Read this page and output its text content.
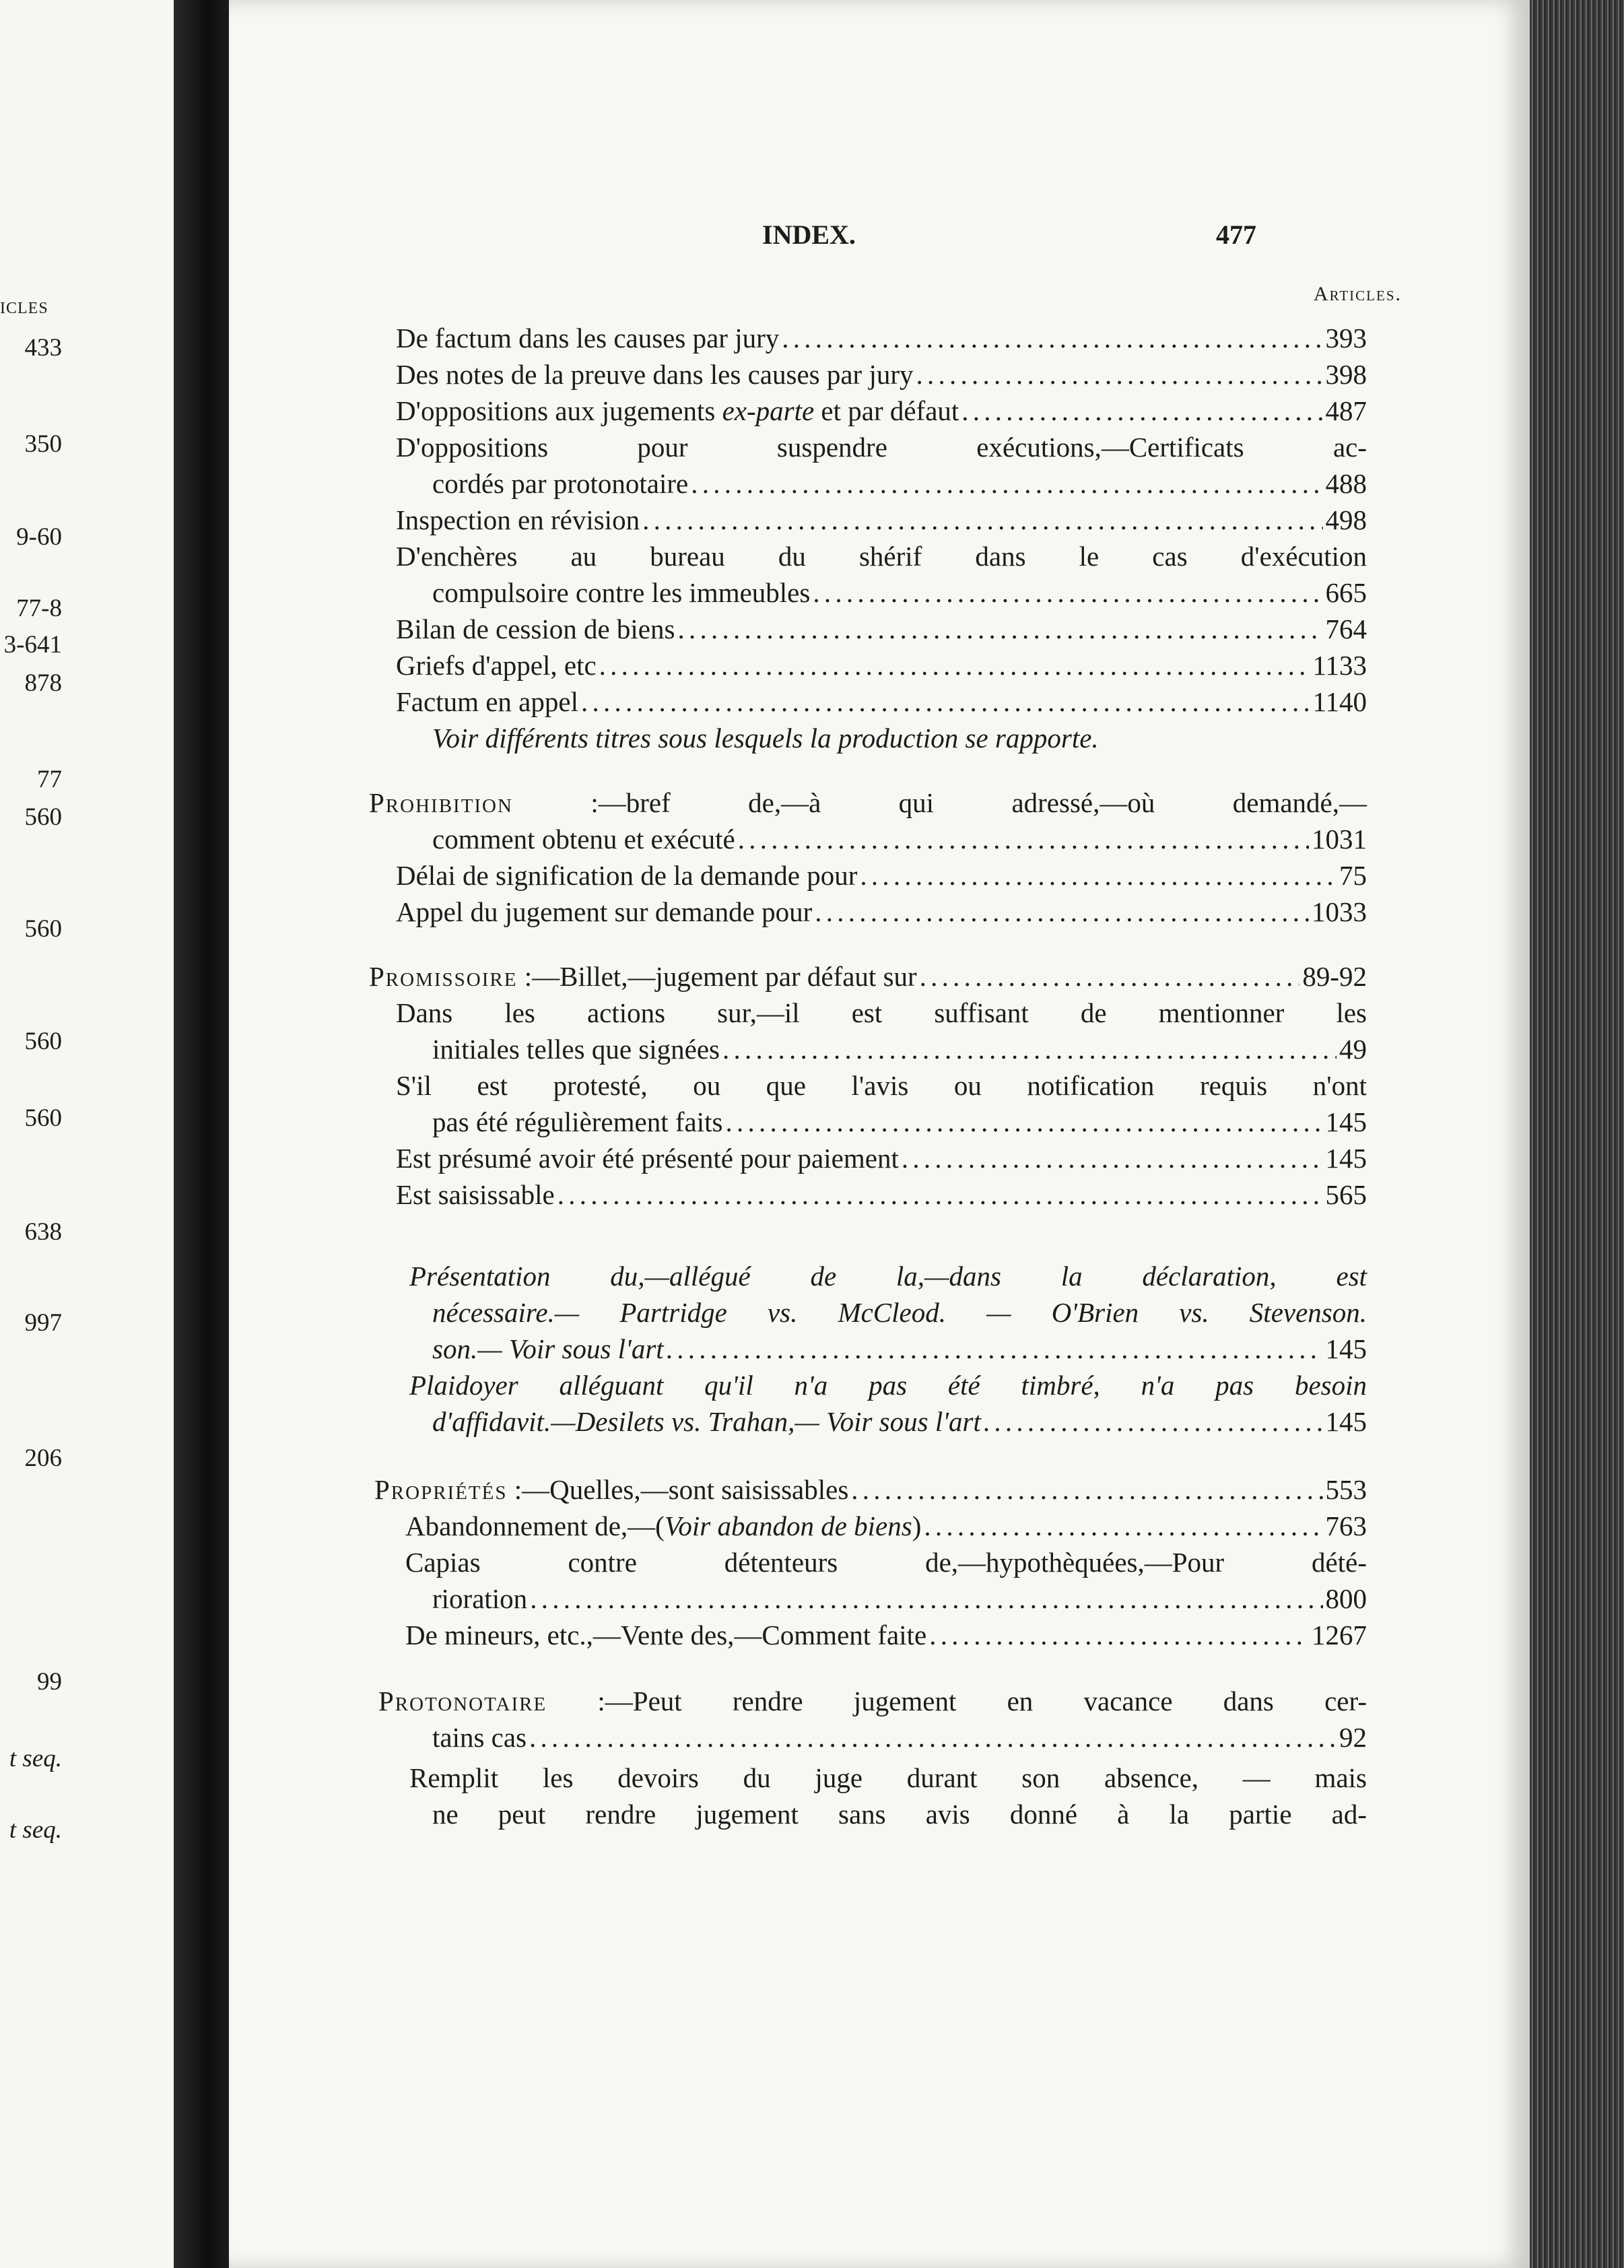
ICLES
433
350
9-60
77-8
3-641
878
77
560
560
560
560
638
997
206
99
t seq.
t seq.
INDEX.	477
Articles.
De factum dans les causes par jury . . .	393
Des notes de la preuve dans les causes par jury . . .	398
D'oppositions aux jugements ex-parte et par défaut . . .	487
D'oppositions pour suspendre exécutions,—Certificats ac-
cordés par protonotaire . . .	488
Inspection en révision . . .	498
D'enchères au bureau du shérif dans le cas d'exécution
compulsoire contre les immeubles . . .	665
Bilan de cession de biens . . .	764
Griefs d'appel, etc . . .	1133
Factum en appel . . .	1140
Voir différents titres sous lesquels la production se rapporte.
Prohibition :—bref de,—à qui adressé,—où demandé,—
comment obtenu et exécuté . . .	1031
Délai de signification de la demande pour . . .	75
Appel du jugement sur demande pour . . .	1033
Promissoire :—Billet,—jugement par défaut sur . . .	89-92
Dans les actions sur,—il est suffisant de mentionner les
initiales telles que signées . . .	49
S'il est protesté, ou que l'avis ou notification requis n'ont
pas été régulièrement faits . . .	145
Est présumé avoir été présenté pour paiement . . .	145
Est saisissable . . .	565
Présentation du,—allégué de la,—dans la déclaration, est
nécessaire.— Partridge vs. McCleod. — O'Brien vs. Stevenson.
son.— Voir sous l'art . . .	145
Plaidoyer alléguant qu'il n'a pas été timbré, n'a pas besoin
d'affidavit.—Desilets vs. Trahan,— Voir sous l'art . . .	145
Propriétés :—Quelles,—sont saisissables . . .	553
Abandonnement de,—(Voir abandon de biens) . . .	763
Capias contre détenteurs de,—hypothèquées,—Pour dété-
rioration . . .	800
De mineurs, etc.,—Vente des,—Comment faite . . .	1267
Protonotaire :—Peut rendre jugement en vacance dans cer-
tains cas . . .	92
Remplit les devoirs du juge durant son absence, — mais
ne peut rendre jugement sans avis donné à la partie ad-
